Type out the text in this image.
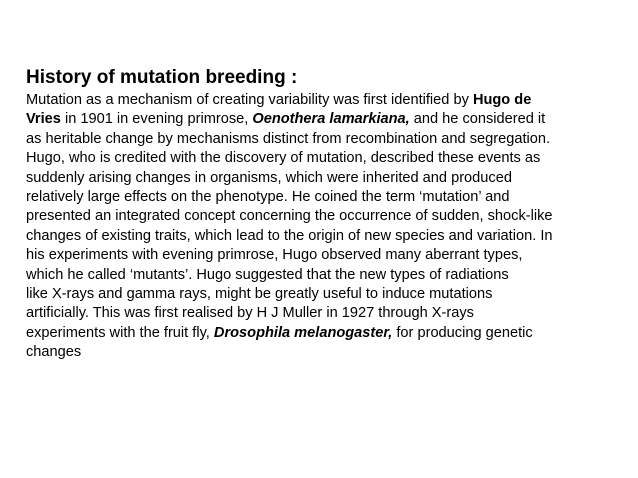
History of mutation breeding :

Mutation as a mechanism of creating variability was first identified by Hugo de

Vries in 1901 in evening primrose, Oenothera lamarkiana, and he considered it

as heritable change by mechanisms distinct from recombination and segregation.

Hugo, who is credited with the discovery of mutation, described these events as

suddenly arising changes in organisms, which were inherited and produced

relatively large effects on the phenotype. He coined the term ‘mutation’ and

presented an integrated concept concerning the occurrence of sudden, shock-like

changes of existing traits, which lead to the origin of new species and variation. In

his experiments with evening primrose, Hugo observed many aberrant types,

which he called ‘mutants’. Hugo suggested that the new types of radiations

like X-rays and gamma rays, might be greatly useful to induce mutations

artificially. This was first realised by H J Muller in 1927 through X-rays

experiments with the fruit fly, Drosophila melanogaster, for producing genetic

changes
